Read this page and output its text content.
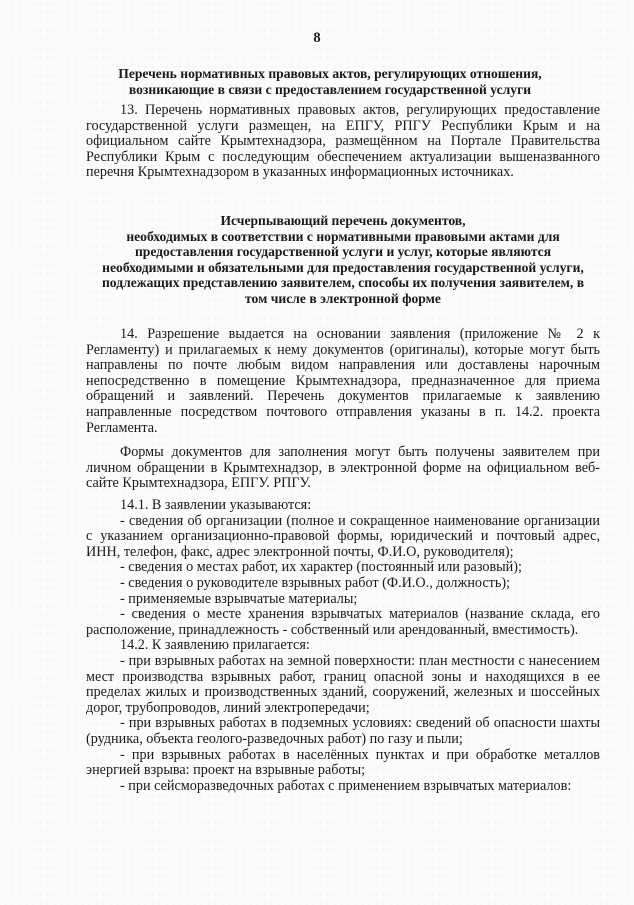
8
Перечень нормативных правовых актов, регулирующих отношения,
возникающие в связи с предоставлением государственной услуги

13. Перечень нормативных правовых актов, регулирующих предоставление государственной услуги размещен, на ЕПГУ, РПГУ Республики Крым и на официальном сайте Крымтехнадзора, размещённом на Портале Правительства Республики Крым с последующим обеспечением актуализации вышеназванного перечня Крымтехнадзором в указанных информационных источниках.

Исчерпывающий перечень документов,
необходимых в соответствии с нормативными правовыми актами для
предоставления государственной услуги и услуг, которые являются
необходимыми и обязательными для предоставления государственной услуги,
подлежащих представлению заявителем, способы их получения заявителем, в
том числе в электронной форме

14. Разрешение выдается на основании заявления (приложение № 2 к Регламенту) и прилагаемых к нему документов (оригиналы), которые могут быть направлены по почте любым видом направления или доставлены нарочным непосредственно в помещение Крымтехнадзора, предназначенное для приема обращений и заявлений. Перечень документов прилагаемые к заявлению направленные посредством почтового отправления указаны в п. 14.2. проекта Регламента.

Формы документов для заполнения могут быть получены заявителем при личном обращении в Крымтехнадзор, в электронной форме на официальном веб-сайте Крымтехнадзора, ЕПГУ. РПГУ.

14.1. В заявлении указываются:

- сведения об организации (полное и сокращенное наименование организации с указанием организационно-правовой формы, юридический и почтовый адрес, ИНН, телефон, факс, адрес электронной почты, Ф.И.О, руководителя);

- сведения о местах работ, их характер (постоянный или разовый);

- сведения о руководителе взрывных работ (Ф.И.О., должность);

- применяемые взрывчатые материалы;

- сведения о месте хранения взрывчатых материалов (название склада, его расположение, принадлежность - собственный или арендованный, вместимость).

14.2. К заявлению прилагается:

- при взрывных работах на земной поверхности: план местности с нанесением мест производства взрывных работ, границ опасной зоны и находящихся в ее пределах жилых и производственных зданий, сооружений, железных и шоссейных дорог, трубопроводов, линий электропередачи;

- при взрывных работах в подземных условиях: сведений об опасности шахты (рудника, объекта геолого-разведочных работ) по газу и пыли;

- при взрывных работах в населённых пунктах и при обработке металлов энергией взрыва: проект на взрывные работы;

- при сейсморазведочных работах с применением взрывчатых материалов:
